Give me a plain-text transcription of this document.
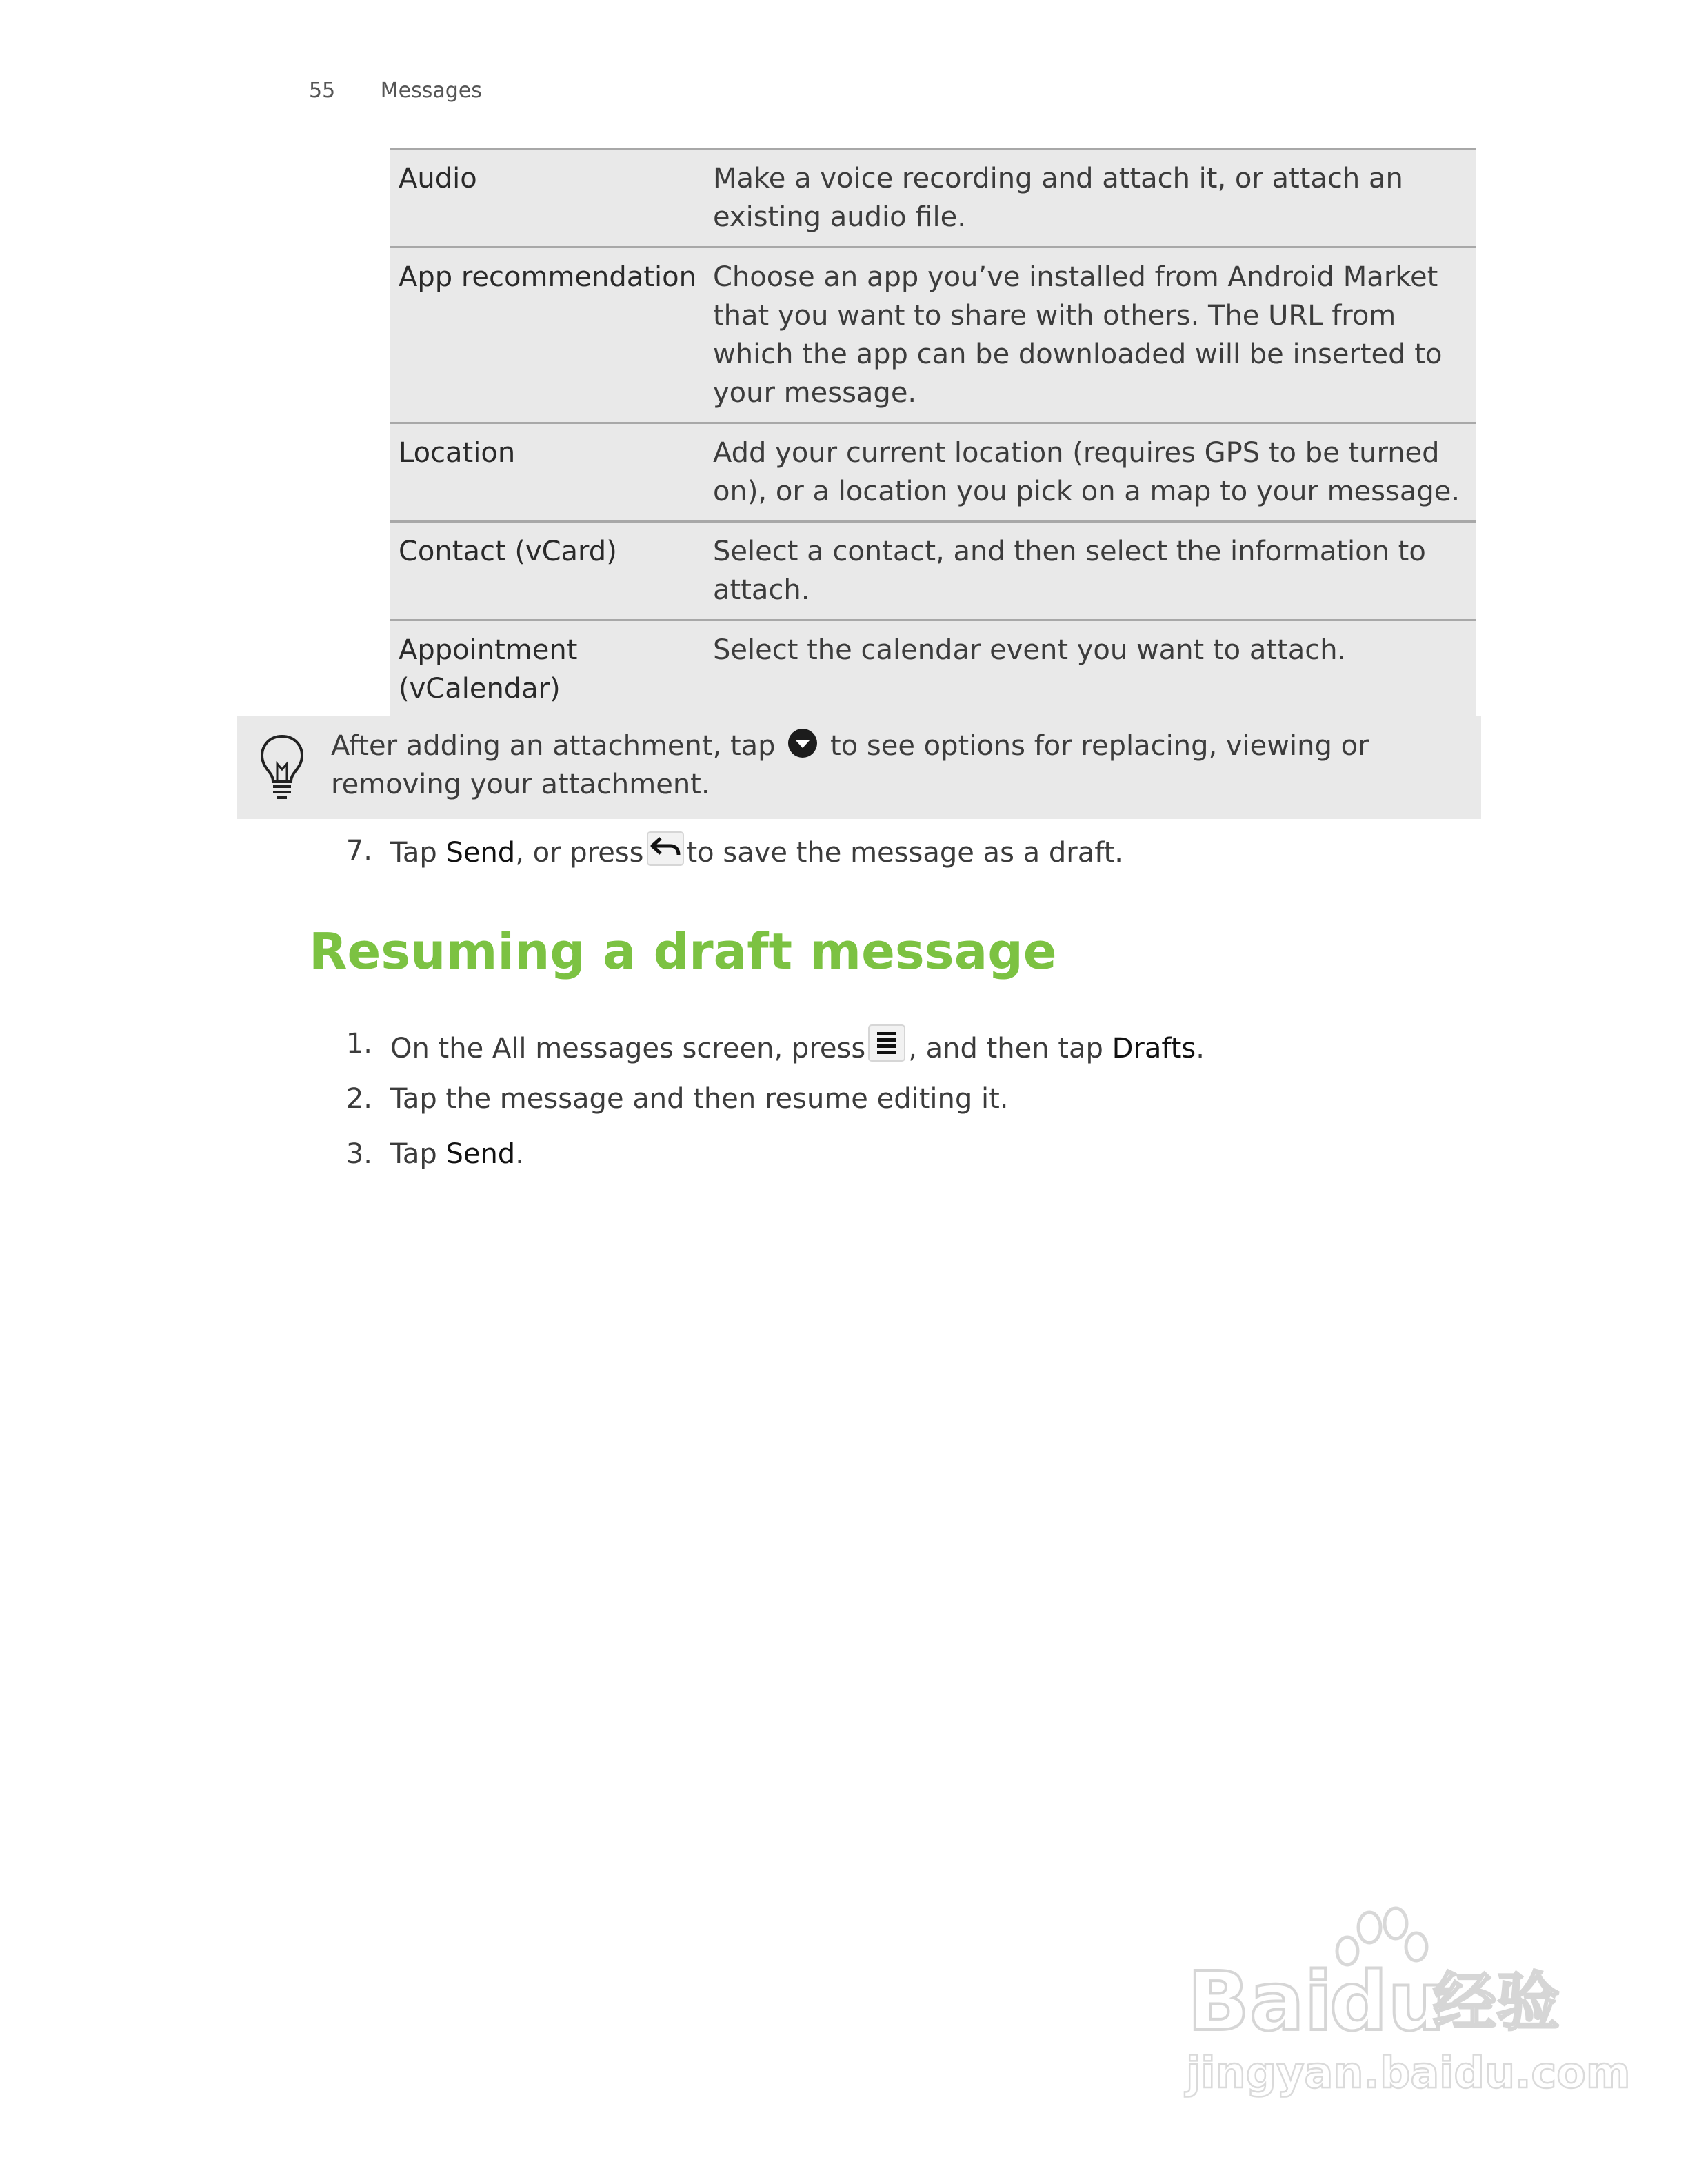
55 Messages
Audio	Make a voice recording and attach it, or attach an existing audio file.
App recommendation	Choose an app you’ve installed from Android Market that you want to share with others. The URL from which the app can be downloaded will be inserted to your message.
Location	Add your current location (requires GPS to be turned on), or a location you pick on a map to your message.
Contact (vCard)	Select a contact, and then select the information to attach.
Appointment (vCalendar)	Select the calendar event you want to attach.
After adding an attachment, tap to see options for replacing, viewing or removing your attachment.
7. Tap Send, or press to save the message as a draft.
Resuming a draft message
1. On the All messages screen, press , and then tap Drafts.
2. Tap the message and then resume editing it.
3. Tap Send.
Bai
du
经验
jingyan.baidu.com
